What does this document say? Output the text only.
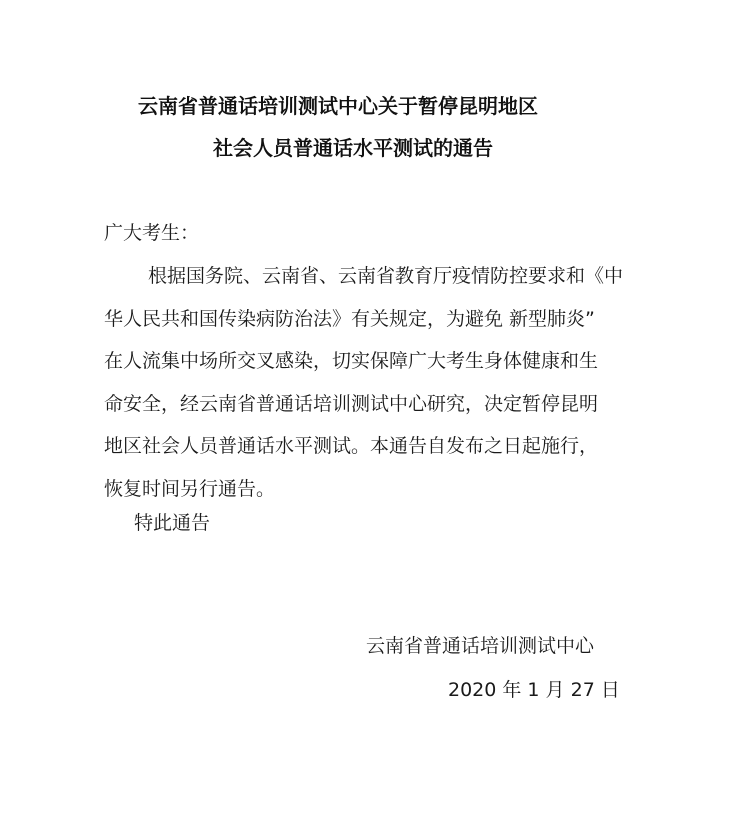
云南省普通话培训测试中心关于暂停昆明地区
社会人员普通话水平测试的通告
广大考生：
根据国务院、云南省、云南省教育厅疫情防控要求和《中
华人民共和国传染病防治法》有关规定，为避免 新型肺炎”
在人流集中场所交叉感染，切实保障广大考生身体健康和生
命安全，经云南省普通话培训测试中心研究，决定暂停昆明
地区社会人员普通话水平测试。本通告自发布之日起施行，
恢复时间另行通告。
特此通告
云南省普通话培训测试中心
2020 年 1 月 27 日
